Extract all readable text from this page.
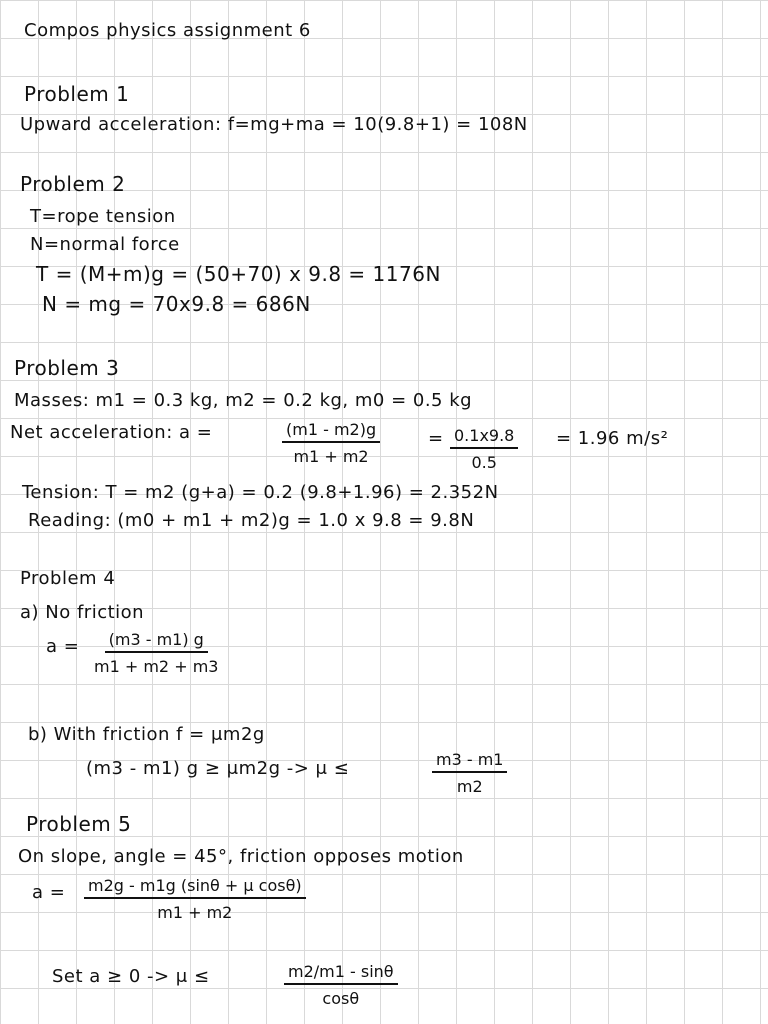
Compos physics assignment 6
Problem 1
Upward acceleration: f=mg+ma = 10(9.8+1) = 108N
Problem 2
T=rope tension
N=normal force
T = (M+m)g = (50+70) x 9.8 = 1176N
N = mg = 70x9.8 = 686N
Problem 3
Masses: m1 = 0.3 kg, m2 = 0.2 kg, m0 = 0.5 kg
Net acceleration: a =	$\frac{(m1 - m2)g}{m1 + m2}$	= $\frac{0.1x9.8}{0.5} = 1.96$ m/s²
Tension: T = m2 (g+a) = 0.2 (9.8+1.96) = 2.352N
Reading: (m0 + m1 + m2)g = 1.0 x 9.8 = 9.8N
Problem 4
a) No friction
$a = \frac{(m3 - m1) g}{m1 + m2 + m3}$
b) With friction f = μm2g
(m3 - m1) g ≥ μm2g -> μ ≤	$\frac{m3 - m1}{m2}$
Problem 5
On slope, angle = 45°, friction opposes motion
$a = \frac{\text{m2g - m1g (sinθ + μ cosθ)}}{m1 + m2}$
Set a ≥ 0 -> μ ≤	$\frac{m2/m1 - \sin\theta}{\cos\theta}$
